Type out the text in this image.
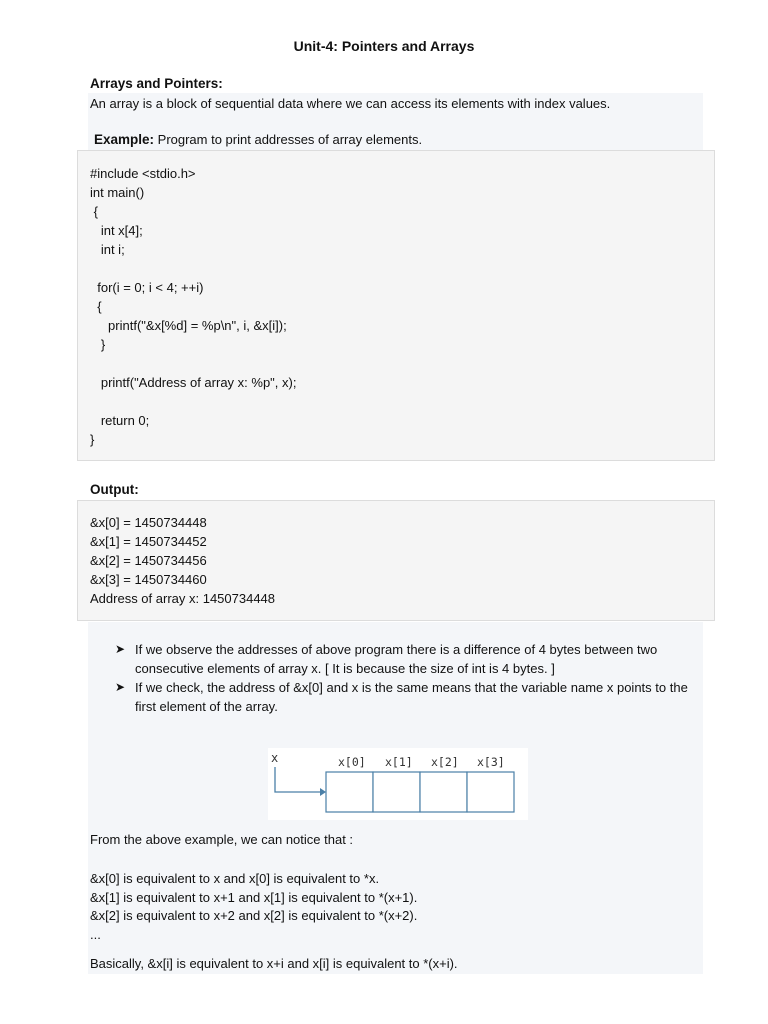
Unit-4: Pointers and Arrays
Arrays and Pointers:
An array is a block of sequential data where we can access its elements with index values.
Example: Program to print addresses of array elements.
#include <stdio.h>
int main()
{
int x[4];
int i;
for(i = 0; i < 4; ++i)
{
printf("&x[%d] = %p\n", i, &x[i]);
}
printf("Address of array x: %p", x);
return 0;
}
Output:
&x[0] = 1450734448
&x[1] = 1450734452
&x[2] = 1450734456
&x[3] = 1450734460
Address of array x: 1450734448
➤ If we observe the addresses of above program there is a difference of 4 bytes between two consecutive elements of array x. [ It is because the size of int is 4 bytes. ]
➤ If we check, the address of &x[0] and x is the same means that the variable name x points to the first element of the array.
x	x[0] x[1] x[2] x[3]
From the above example, we can notice that :
&x[0] is equivalent to x and x[0] is equivalent to *x.
&x[1] is equivalent to x+1 and x[1] is equivalent to *(x+1).
&x[2] is equivalent to x+2 and x[2] is equivalent to *(x+2).
...
Basically, &x[i] is equivalent to x+i and x[i] is equivalent to *(x+i).
